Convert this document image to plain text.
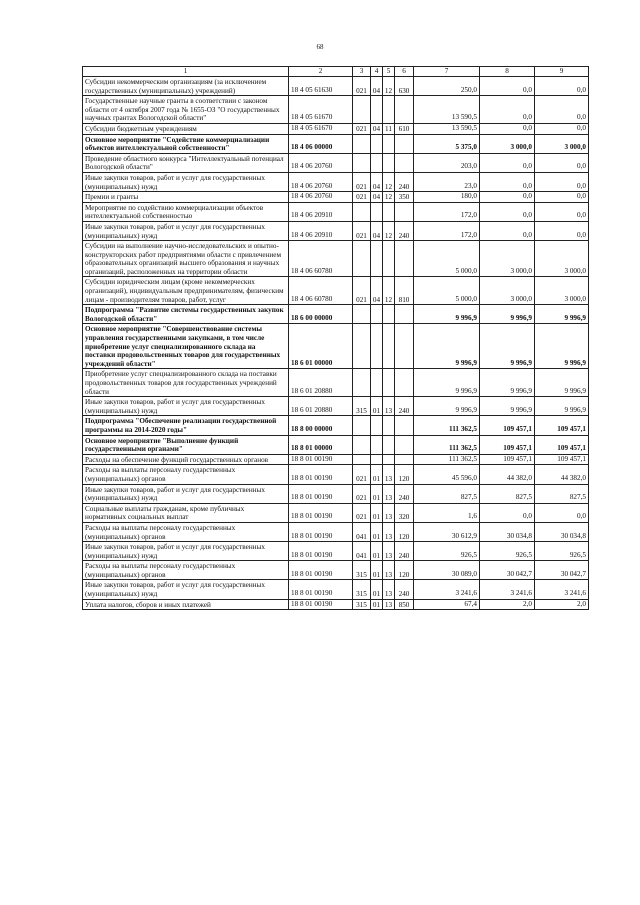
68
1	2	3	4	5	6	7	8	9
Субсидии некоммерческим организациям (за исключением государственных (муниципальных) учреждений)	18 4 05 61630	021	04	12	630	250,0	0,0	0,0
Государственные научные гранты в соответствии с законом области от 4 октября 2007 года № 1655-ОЗ "О государственных научных грантах Вологодской области"	18 4 05 61670					13 590,5	0,0	0,0
Субсидии бюджетным учреждениям	18 4 05 61670	021	04	11	610	13 590,5	0,0	0,0
Основное мероприятие "Содействие коммерциализации объектов интеллектуальной собственности"	18 4 06 00000					5 375,0	3 000,0	3 000,0
Проведение областного конкурса "Интеллектуальный потенциал Вологодской области"	18 4 06 20760					203,0	0,0	0,0
Иные закупки товаров, работ и услуг для государственных (муниципальных) нужд	18 4 06 20760	021	04	12	240	23,0	0,0	0,0
Премии и гранты	18 4 06 20760	021	04	12	350	180,0	0,0	0,0
Мероприятие по содействию коммерциализации объектов интеллектуальной собственностью	18 4 06 20910					172,0	0,0	0,0
Иные закупки товаров, работ и услуг для государственных (муниципальных) нужд	18 4 06 20910	021	04	12	240	172,0	0,0	0,0
Субсидии на выполнение научно-исследовательских и опытно-конструкторских работ предприятиями области с привлечением образовательных организаций высшего образования и научных организаций, расположенных на территории области	18 4 06 60780					5 000,0	3 000,0	3 000,0
Субсидии юридическим лицам (кроме некоммерческих организаций), индивидуальным предпринимателям, физическим лицам - производителям товаров, работ, услуг	18 4 06 60780	021	04	12	810	5 000,0	3 000,0	3 000,0
Подпрограмма "Развитие системы государственных закупок Вологодской области"	18 6 00 00000					9 996,9	9 996,9	9 996,9
Основное мероприятие "Совершенствование системы управления государственными закупками, в том числе приобретение услуг специализированного склада на поставки продовольственных товаров для государственных учреждений области"	18 6 01 00000					9 996,9	9 996,9	9 996,9
Приобретение услуг специализированного склада на поставки продовольственных товаров для государственных учреждений области	18 6 01 20880					9 996,9	9 996,9	9 996,9
Иные закупки товаров, работ и услуг для государственных (муниципальных) нужд	18 6 01 20880	315	01	13	240	9 996,9	9 996,9	9 996,9
Подпрограмма "Обеспечение реализации государственной программы на 2014-2020 годы"	18 8 00 00000					111 362,5	109 457,1	109 457,1
Основное мероприятие "Выполнение функций государственными органами"	18 8 01 00000					111 362,5	109 457,1	109 457,1
Расходы на обеспечение функций государственных органов	18 8 01 00190					111 362,5	109 457,1	109 457,1
Расходы на выплаты персоналу государственных (муниципальных) органов	18 8 01 00190	021	01	13	120	45 596,0	44 382,0	44 382,0
Иные закупки товаров, работ и услуг для государственных (муниципальных) нужд	18 8 01 00190	021	01	13	240	827,5	827,5	827,5
Социальные выплаты гражданам, кроме публичных нормативных социальных выплат	18 8 01 00190	021	01	13	320	1,6	0,0	0,0
Расходы на выплаты персоналу государственных (муниципальных) органов	18 8 01 00190	041	01	13	120	30 612,9	30 034,8	30 034,8
Иные закупки товаров, работ и услуг для государственных (муниципальных) нужд	18 8 01 00190	041	01	13	240	926,5	926,5	926,5
Расходы на выплаты персоналу государственных (муниципальных) органов	18 8 01 00190	315	01	13	120	30 089,0	30 042,7	30 042,7
Иные закупки товаров, работ и услуг для государственных (муниципальных) нужд	18 8 01 00190	315	01	13	240	3 241,6	3 241,6	3 241,6
Уплата налогов, сборов и иных платежей	18 8 01 00190	315	01	13	850	67,4	2,0	2,0
